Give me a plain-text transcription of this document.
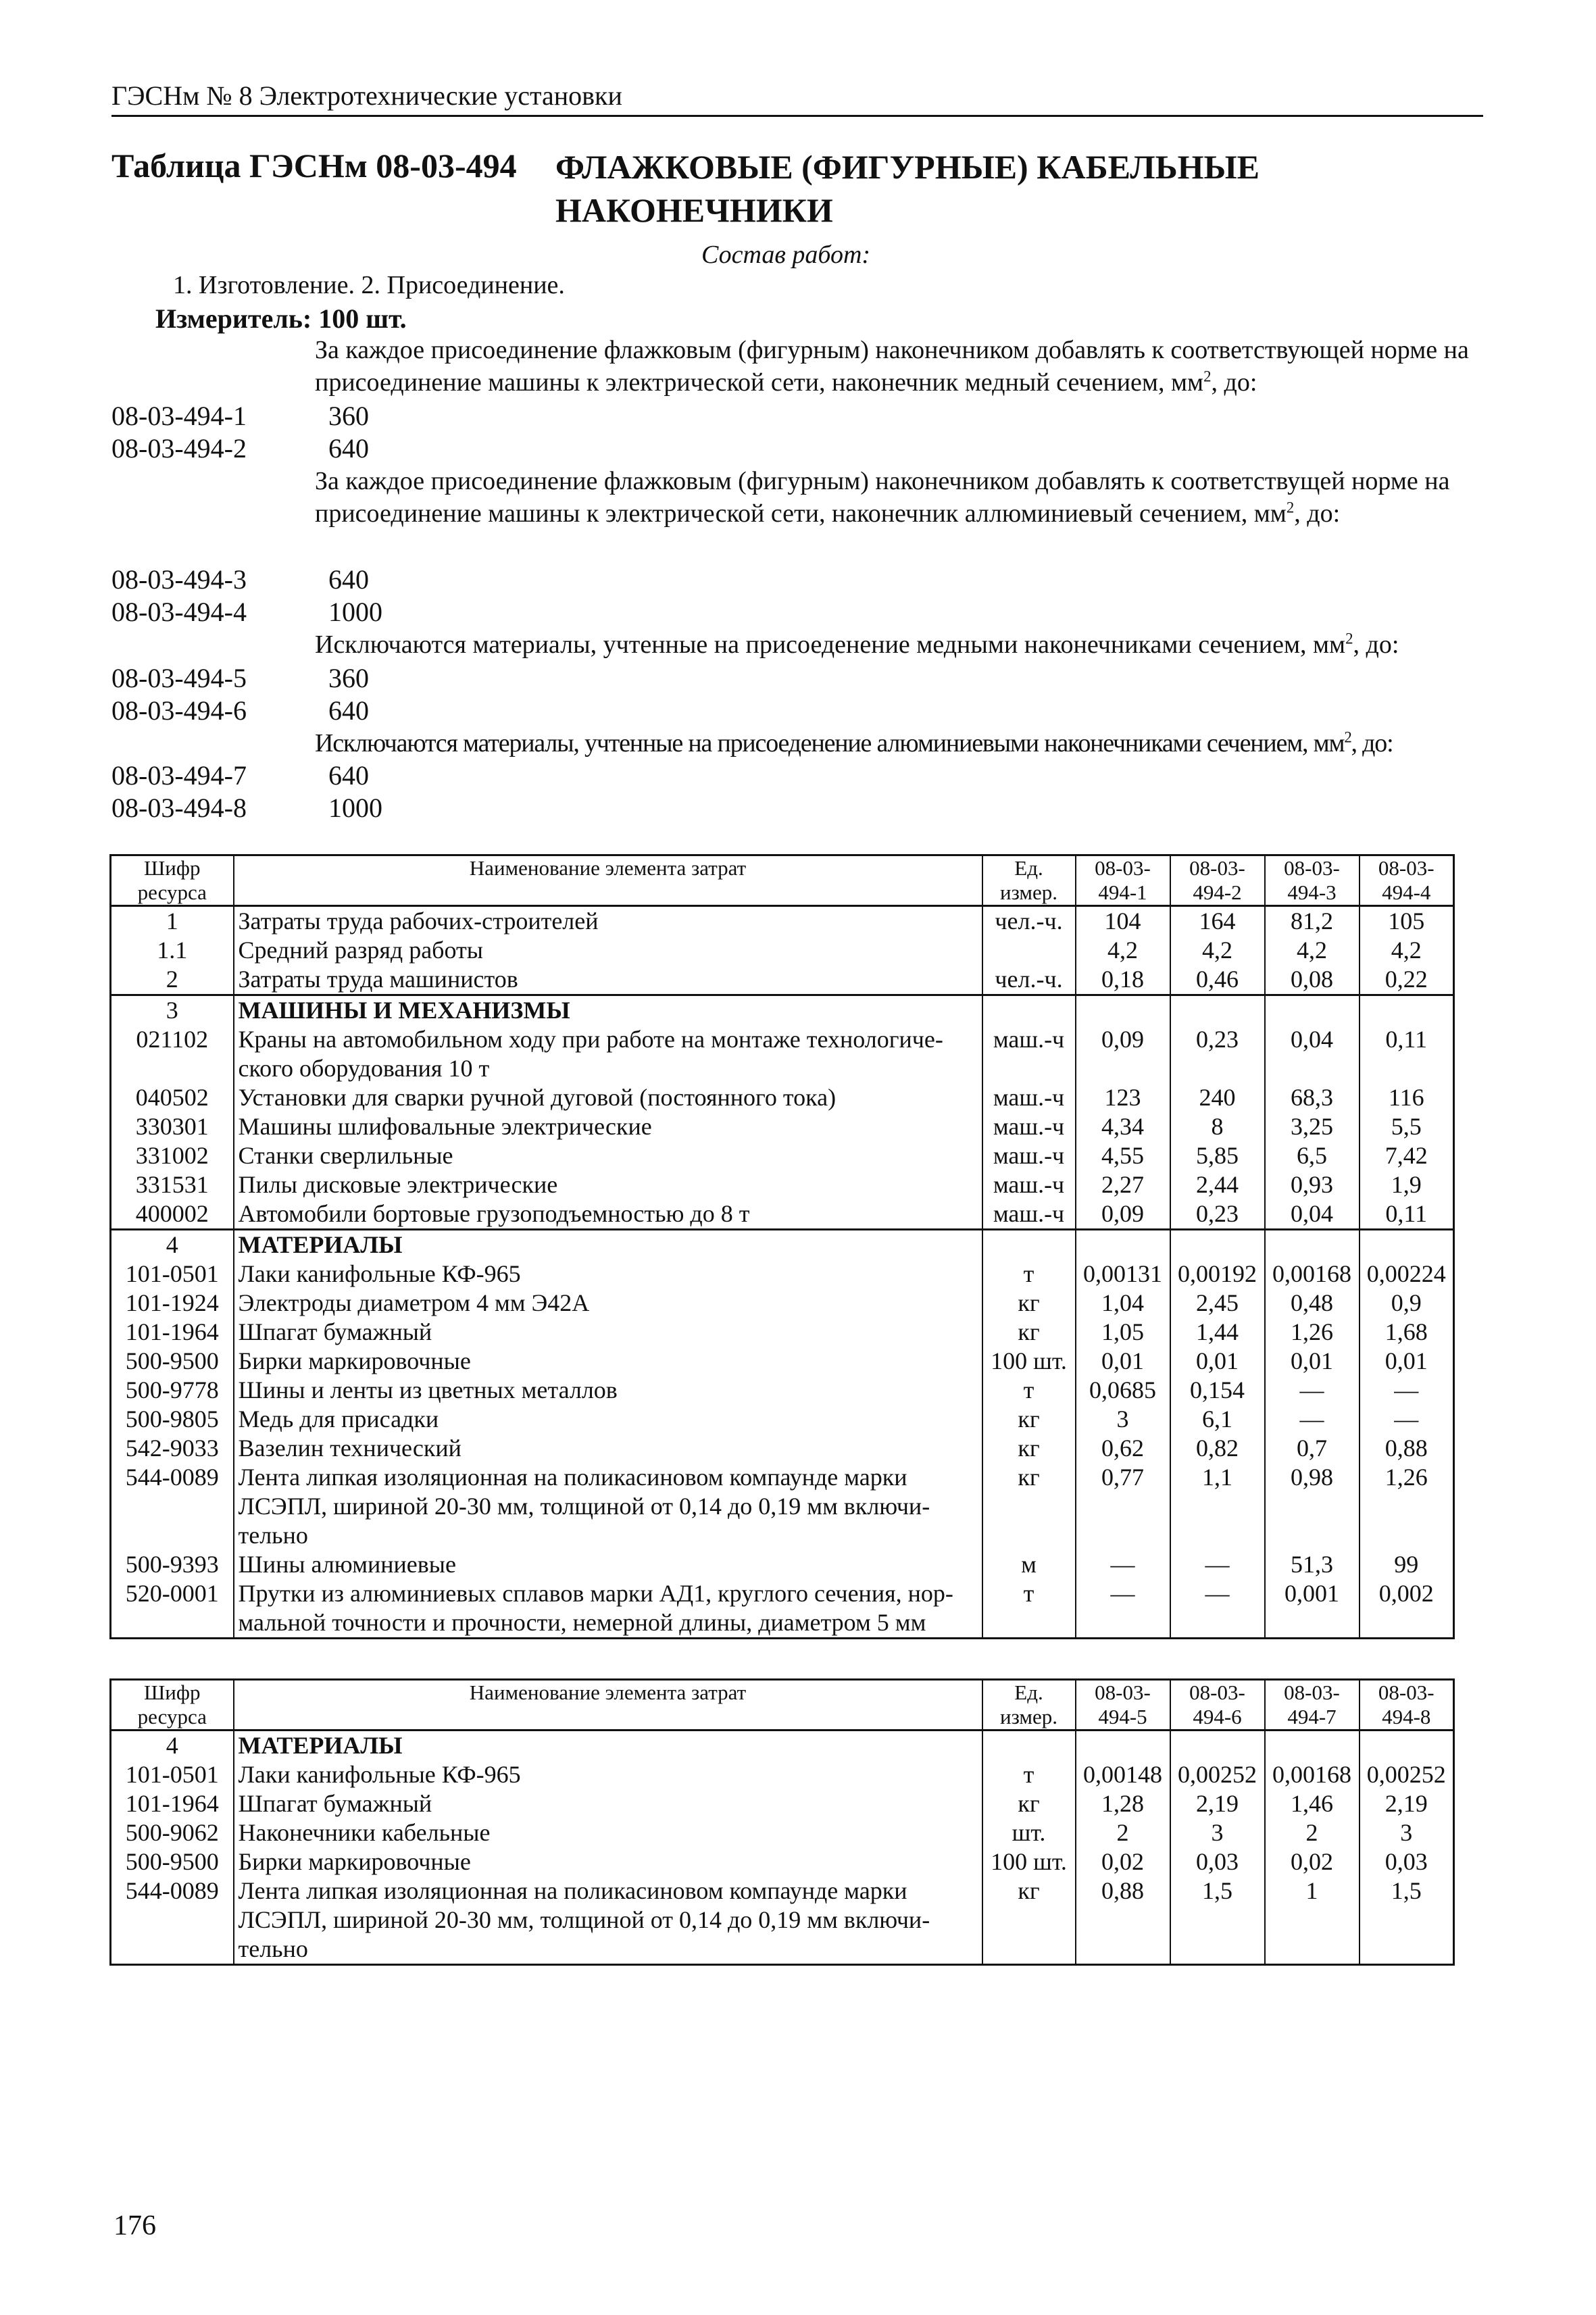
ГЭСНм № 8 Электротехнические установки
Таблица ГЭСНм 08-03-494 ФЛАЖКОВЫЕ (ФИГУРНЫЕ) КАБЕЛЬНЫЕ
НАКОНЕЧНИКИ
Состав работ:
1. Изготовление. 2. Присоединение.
Измеритель: 100 шт.
За каждое присоединение флажковым (фигурным) наконечником добавлять к соответствующей норме на присоединение машины к электрической сети, наконечник медный сечением, $мм^2$, до:
08-03-494-1	360
08-03-494-2	640
За каждое присоединение флажковым (фигурным) наконечником добавлять к соответствущей норме на присоединение машины к электрической сети, наконечник аллюминиевый сечением, $мм^2$, до:
08-03-494-3	640
08-03-494-4	1000
Исключаются материалы, учтенные на присоеденение медными наконечниками сечением, $мм^2$, до:
08-03-494-5	360
08-03-494-6	640
Исключаются материалы, учтенные на присоеденение алюминиевыми наконечниками сечением, $мм^2$, до:
08-03-494-7	640
08-03-494-8	1000
Шифр ресурса	Наименование элемента затрат	Ед. измер.	08-03-494-1	08-03-494-2	08-03-494-3	08-03-494-4
1	Затраты труда рабочих-строителей	чел.-ч.	104	164	81,2	105
1.1	Средний разряд работы		4,2	4,2	4,2	4,2
2	Затраты труда машинистов	чел.-ч.	0,18	0,46	0,08	0,22
3	МАШИНЫ И МЕХАНИЗМЫ					
021102	Краны на автомобильном ходу при работе на монтаже технологиче-ского оборудования 10 т	маш.-ч	0,09	0,23	0,04	0,11
040502	Установки для сварки ручной дуговой (постоянного тока)	маш.-ч	123	240	68,3	116
330301	Машины шлифовальные электрические	маш.-ч	4,34	8	3,25	5,5
331002	Станки сверлильные	маш.-ч	4,55	5,85	6,5	7,42
331531	Пилы дисковые электрические	маш.-ч	2,27	2,44	0,93	1,9
400002	Автомобили бортовые грузоподъемностью до 8 т	маш.-ч	0,09	0,23	0,04	0,11
4	МАТЕРИАЛЫ					
101-0501	Лаки канифольные КФ-965	т	0,00131	0,00192	0,00168	0,00224
101-1924	Электроды диаметром 4 мм Э42А	кг	1,04	2,45	0,48	0,9
101-1964	Шпагат бумажный	кг	1,05	1,44	1,26	1,68
500-9500	Бирки маркировочные	100 шт.	0,01	0,01	0,01	0,01
500-9778	Шины и ленты из цветных металлов	т	0,0685	0,154	—	—
500-9805	Медь для присадки	кг	3	6,1	—	—
542-9033	Вазелин технический	кг	0,62	0,82	0,7	0,88
544-0089	Лента липкая изоляционная на поликасиновом компаунде марки ЛСЭПЛ, шириной 20-30 мм, толщиной от 0,14 до 0,19 мм включи-тельно	кг	0,77	1,1	0,98	1,26
500-9393	Шины алюминиевые	м	—	—	51,3	99
520-0001	Прутки из алюминиевых сплавов марки АД1, круглого сечения, нор-мальной точности и прочности, немерной длины, диаметром 5 мм	т	—	—	0,001	0,002
Шифр ресурса	Наименование элемента затрат	Ед. измер.	08-03-494-5	08-03-494-6	08-03-494-7	08-03-494-8
4	МАТЕРИАЛЫ					
101-0501	Лаки канифольные КФ-965	т	0,00148	0,00252	0,00168	0,00252
101-1964	Шпагат бумажный	кг	1,28	2,19	1,46	2,19
500-9062	Наконечники кабельные	шт.	2	3	2	3
500-9500	Бирки маркировочные	100 шт.	0,02	0,03	0,02	0,03
544-0089	Лента липкая изоляционная на поликасиновом компаунде марки ЛСЭПЛ, шириной 20-30 мм, толщиной от 0,14 до 0,19 мм включи-тельно	кг	0,88	1,5	1	1,5
176
